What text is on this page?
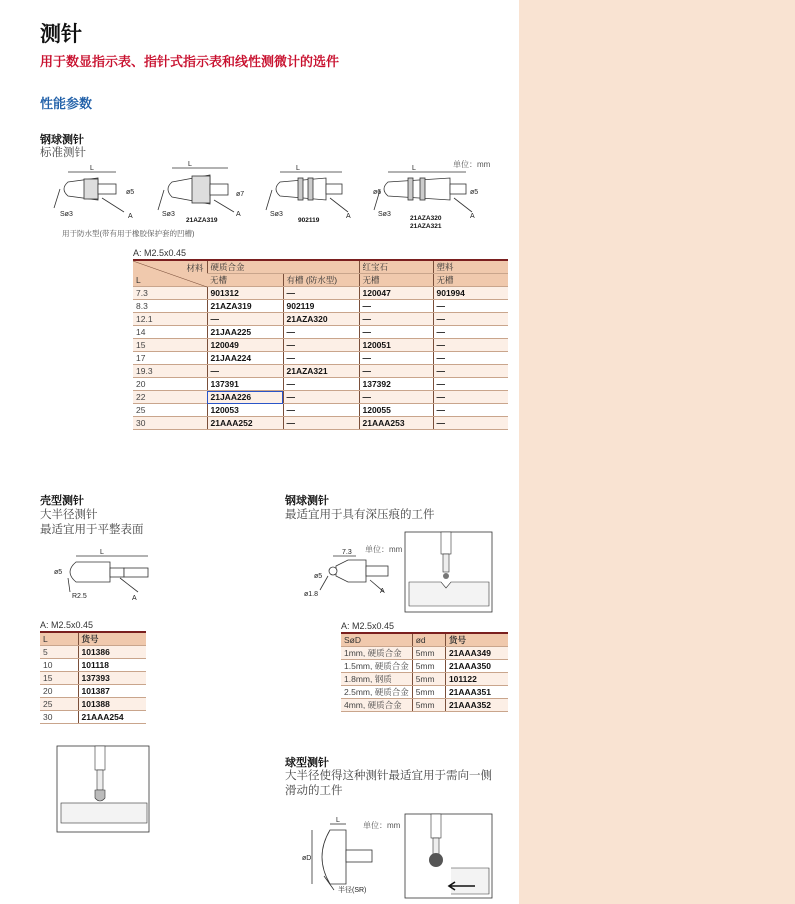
测针
用于数显指示表、指针式指示表和线性测微计的选件
性能参数
钢球测针
标准测针
单位：mm
L
Sø3	A
ø5
L
Sø3	A
ø7
21AZA319
L
Sø3	A
902119
L
Sø3	A
ø5
ø6
21AZA320
21AZA321
用于防水型(带有用于橡胶保护套的凹槽)
A: M2.5x0.45
材料
L	硬质合金		红宝石	塑料
	无槽	有槽 (防水型)	无槽	无槽
7.3	901312	—	120047	901994
8.3	21AZA319	902119	—	—
12.1	—	21AZA320	—	—
14	21JAA225	—	—	—
15	120049	—	120051	—
17	21JAA224	—	—	—
19.3	—	21AZA321	—	—
20	137391	—	137392	—
22	21JAA226	—	—	—
25	120053	—	120055	—
30	21AAA252	—	21AAA253	—
壳型测针
大半径测针
最适宜用于平整表面
L
ø5
R2.5	A
A: M2.5x0.45
L	货号
5	101386
10	101118
15	137393
20	101387
25	101388
30	21AAA254
钢球测针
最适宜用于具有深压痕的工件
7.3
ø5
ø1.8	A
单位：mm
A: M2.5x0.45
SøD	ød	货号
1mm, 硬质合金	5mm	21AAA349
1.5mm, 硬质合金	5mm	21AAA350
1.8mm, 钢质	5mm	101122
2.5mm, 硬质合金	5mm	21AAA351
4mm, 硬质合金	5mm	21AAA352
球型测针
大半径使得这种测针最适宜用于需向一侧
滑动的工件
L
øD
半径(SR)
单位：mm
